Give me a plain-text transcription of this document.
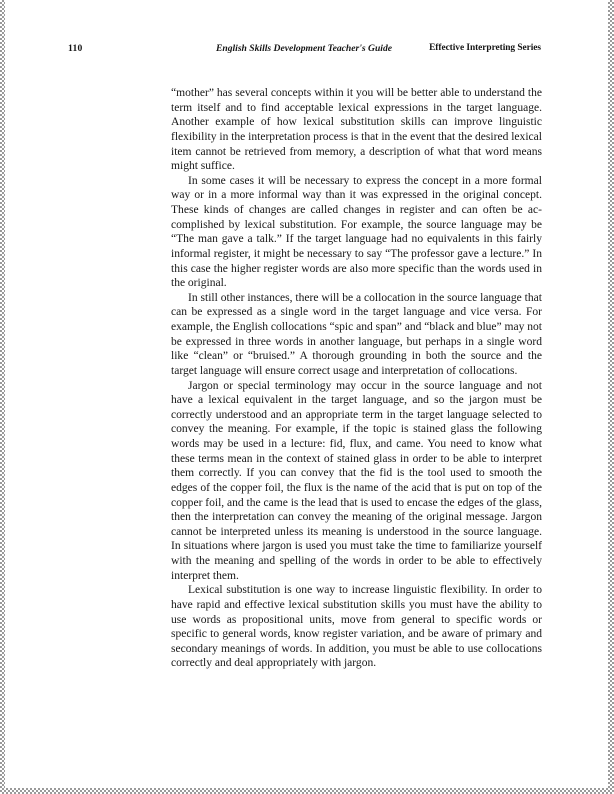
110	English Skills Development Teacher's Guide	Effective Interpreting Series

“mother” has several concepts within it you will be better able to understand the term itself and to find acceptable lexical expressions in the target language. Another example of how lexical substitution skills can improve linguistic flexibility in the interpretation process is that in the event that the desired lexical item cannot be retrieved from memory, a description of what that word means might suffice.

In some cases it will be necessary to express the concept in a more formal way or in a more informal way than it was expressed in the original concept. These kinds of changes are called changes in register and can often be accomplished by lexical substitution. For example, the source language may be “The man gave a talk.” If the target language had no equivalents in this fairly informal register, it might be necessary to say “The professor gave a lecture.” In this case the higher register words are also more specific than the words used in the original.

In still other instances, there will be a collocation in the source language that can be expressed as a single word in the target language and vice versa. For example, the English collocations “spic and span” and “black and blue” may not be expressed in three words in another language, but perhaps in a single word like “clean” or “bruised.” A thorough grounding in both the source and the target language will ensure correct usage and interpretation of collocations.

Jargon or special terminology may occur in the source language and not have a lexical equivalent in the target language, and so the jargon must be correctly understood and an appropriate term in the target language selected to convey the meaning. For example, if the topic is stained glass the following words may be used in a lecture: fid, flux, and came. You need to know what these terms mean in the context of stained glass in order to be able to interpret them correctly. If you can convey that the fid is the tool used to smooth the edges of the copper foil, the flux is the name of the acid that is put on top of the copper foil, and the came is the lead that is used to encase the edges of the glass, then the interpretation can convey the meaning of the original message. Jargon cannot be interpreted unless its meaning is understood in the source language. In situations where jargon is used you must take the time to familiarize yourself with the meaning and spelling of the words in order to be able to effectively interpret them.

Lexical substitution is one way to increase linguistic flexibility. In order to have rapid and effective lexical substitution skills you must have the ability to use words as propositional units, move from general to specific words or specific to general words, know register variation, and be aware of primary and secondary meanings of words. In addition, you must be able to use collocations correctly and deal appropriately with jargon.
